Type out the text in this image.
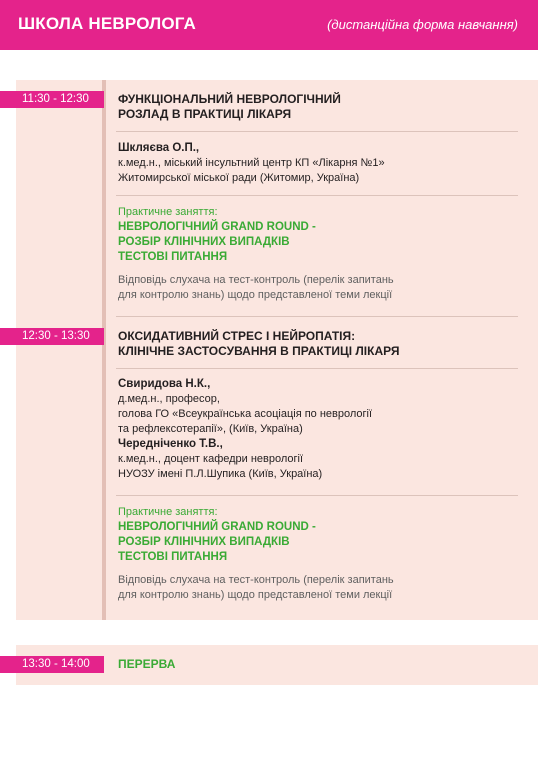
ШКОЛА НЕВРОЛОГА	(дистанційна форма навчання)
11:30 - 12:30	ФУНКЦІОНАЛЬНИЙ НЕВРОЛОГІЧНИЙ
РОЗЛАД В ПРАКТИЦІ ЛІКАРЯ
Шкляєва О.П.,
к.мед.н., міський інсультний центр КП «Лікарня №1»
Житомирської міської ради (Житомир, Україна)
Практичне заняття:
НЕВРОЛОГІЧНИЙ GRAND ROUND -
РОЗБІР КЛІНІЧНИХ ВИПАДКІВ
ТЕСТОВІ ПИТАННЯ
Відповідь слухача на тест-контроль (перелік запитань
для контролю знань) щодо представленої теми лекції
12:30 - 13:30	ОКСИДАТИВНИЙ СТРЕС І НЕЙРОПАТІЯ:
КЛІНІЧНЕ ЗАСТОСУВАННЯ В ПРАКТИЦІ ЛІКАРЯ
Свиридова Н.К.,
д.мед.н., професор,
голова ГО «Всеукраїнська асоціація по неврології
та рефлексотерапії», (Київ, Україна)
Чередніченко Т.В.,
к.мед.н., доцент кафедри неврології
НУОЗУ імені П.Л.Шупика (Київ, Україна)
Практичне заняття:
НЕВРОЛОГІЧНИЙ GRAND ROUND -
РОЗБІР КЛІНІЧНИХ ВИПАДКІВ
ТЕСТОВІ ПИТАННЯ
Відповідь слухача на тест-контроль (перелік запитань
для контролю знань) щодо представленої теми лекції
13:30 - 14:00	ПЕРЕРВА
